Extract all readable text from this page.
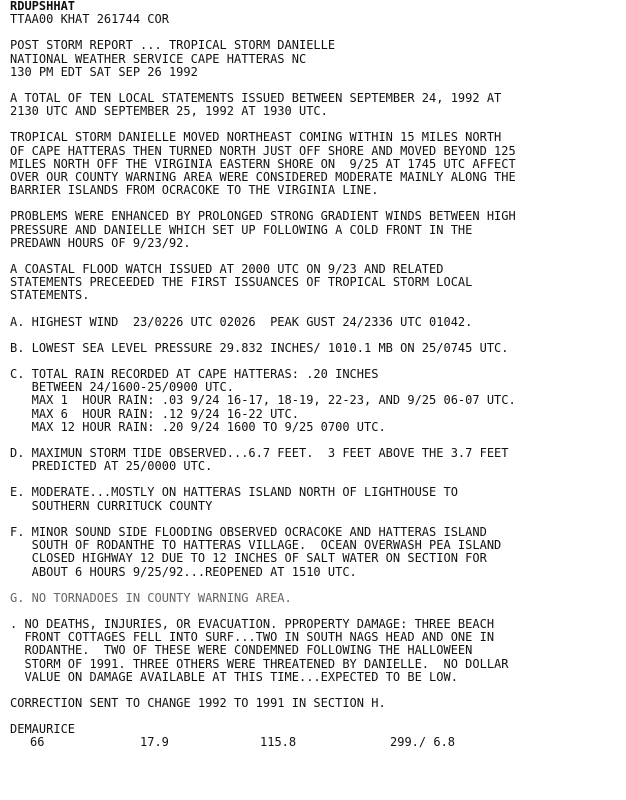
RDUPSHHAT
TTAA00 KHAT 261744 COR
POST STORM REPORT ... TROPICAL STORM DANIELLE
NATIONAL WEATHER SERVICE CAPE HATTERAS NC
130 PM EDT SAT SEP 26 1992
A TOTAL OF TEN LOCAL STATEMENTS ISSUED BETWEEN SEPTEMBER 24, 1992 AT
2130 UTC AND SEPTEMBER 25, 1992 AT 1930 UTC.
TROPICAL STORM DANIELLE MOVED NORTHEAST COMING WITHIN 15 MILES NORTH
OF CAPE HATTERAS THEN TURNED NORTH JUST OFF SHORE AND MOVED BEYOND 125
MILES NORTH OFF THE VIRGINIA EASTERN SHORE ON  9/25 AT 1745 UTC AFFECT
OVER OUR COUNTY WARNING AREA WERE CONSIDERED MODERATE MAINLY ALONG THE
BARRIER ISLANDS FROM OCRACOKE TO THE VIRGINIA LINE.
PROBLEMS WERE ENHANCED BY PROLONGED STRONG GRADIENT WINDS BETWEEN HIGH
PRESSURE AND DANIELLE WHICH SET UP FOLLOWING A COLD FRONT IN THE
PREDAWN HOURS OF 9/23/92.
A COASTAL FLOOD WATCH ISSUED AT 2000 UTC ON 9/23 AND RELATED
STATEMENTS PRECEEDED THE FIRST ISSUANCES OF TROPICAL STORM LOCAL
STATEMENTS.
A. HIGHEST WIND  23/0226 UTC 02026  PEAK GUST 24/2336 UTC 01042.
B. LOWEST SEA LEVEL PRESSURE 29.832 INCHES/ 1010.1 MB ON 25/0745 UTC.
C. TOTAL RAIN RECORDED AT CAPE HATTERAS: .20 INCHES
BETWEEN 24/1600-25/0900 UTC.
MAX 1  HOUR RAIN: .03 9/24 16-17, 18-19, 22-23, AND 9/25 06-07 UTC.
MAX 6  HOUR RAIN: .12 9/24 16-22 UTC.
MAX 12 HOUR RAIN: .20 9/24 1600 TO 9/25 0700 UTC.
D. MAXIMUN STORM TIDE OBSERVED...6.7 FEET.  3 FEET ABOVE THE 3.7 FEET
PREDICTED AT 25/0000 UTC.
E. MODERATE...MOSTLY ON HATTERAS ISLAND NORTH OF LIGHTHOUSE TO
SOUTHERN CURRITUCK COUNTY
F. MINOR SOUND SIDE FLOODING OBSERVED OCRACOKE AND HATTERAS ISLAND
SOUTH OF RODANTHE TO HATTERAS VILLAGE.  OCEAN OVERWASH PEA ISLAND
CLOSED HIGHWAY 12 DUE TO 12 INCHES OF SALT WATER ON SECTION FOR
ABOUT 6 HOURS 9/25/92...REOPENED AT 1510 UTC.
G. NO TORNADOES IN COUNTY WARNING AREA.
. NO DEATHS, INJURIES, OR EVACUATION. PPROPERTY DAMAGE: THREE BEACH
FRONT COTTAGES FELL INTO SURF...TWO IN SOUTH NAGS HEAD AND ONE IN
RODANTHE.  TWO OF THESE WERE CONDEMNED FOLLOWING THE HALLOWEEN
STORM OF 1991. THREE OTHERS WERE THREATENED BY DANIELLE.  NO DOLLAR
VALUE ON DAMAGE AVAILABLE AT THIS TIME...EXPECTED TO BE LOW.
CORRECTION SENT TO CHANGE 1992 TO 1991 IN SECTION H.
DEMAURICE
66	17.9	115.8	299./ 6.8
